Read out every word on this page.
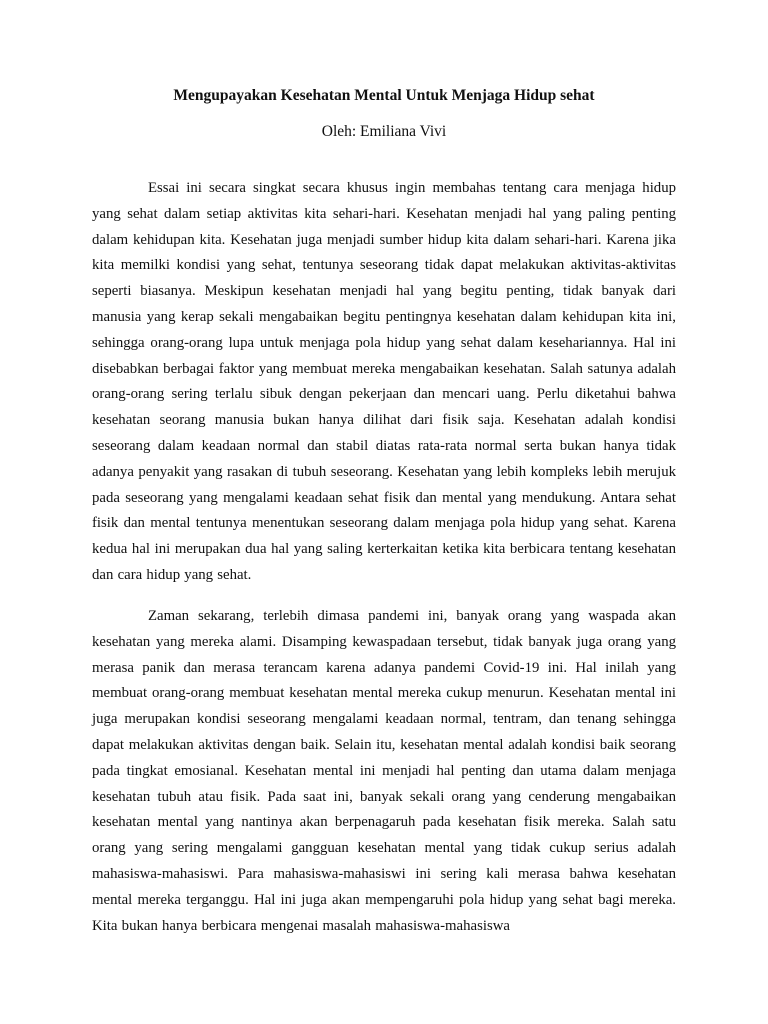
Mengupayakan Kesehatan Mental Untuk Menjaga Hidup sehat

Oleh: Emiliana Vivi

Essai ini secara singkat secara khusus ingin membahas tentang cara menjaga hidup yang sehat dalam setiap aktivitas kita sehari-hari. Kesehatan menjadi hal yang paling penting dalam kehidupan kita. Kesehatan juga menjadi sumber hidup kita dalam sehari-hari. Karena jika kita memilki kondisi yang sehat, tentunya seseorang tidak dapat melakukan aktivitas-aktivitas seperti biasanya. Meskipun kesehatan menjadi hal yang begitu penting, tidak banyak dari manusia yang kerap sekali mengabaikan begitu pentingnya kesehatan dalam kehidupan kita ini, sehingga orang-orang lupa untuk menjaga pola hidup yang sehat dalam kesehariannya. Hal ini disebabkan berbagai faktor yang membuat mereka mengabaikan kesehatan. Salah satunya adalah orang-orang sering terlalu sibuk dengan pekerjaan dan mencari uang. Perlu diketahui bahwa kesehatan seorang manusia bukan hanya dilihat dari fisik saja. Kesehatan adalah kondisi seseorang dalam keadaan normal dan stabil diatas rata-rata normal serta bukan hanya tidak adanya penyakit yang rasakan di tubuh seseorang. Kesehatan yang lebih kompleks lebih merujuk pada seseorang yang mengalami keadaan sehat fisik dan mental yang mendukung. Antara sehat fisik dan mental tentunya menentukan seseorang dalam menjaga pola hidup yang sehat. Karena kedua hal ini merupakan dua hal yang saling kerterkaitan ketika kita berbicara tentang kesehatan dan cara hidup yang sehat.

Zaman sekarang, terlebih dimasa pandemi ini, banyak orang yang waspada akan kesehatan yang mereka alami. Disamping kewaspadaan tersebut, tidak banyak juga orang yang merasa panik dan merasa terancam karena adanya pandemi Covid-19 ini. Hal inilah yang membuat orang-orang membuat kesehatan mental mereka cukup menurun. Kesehatan mental ini juga merupakan kondisi seseorang mengalami keadaan normal, tentram, dan tenang sehingga dapat melakukan aktivitas dengan baik. Selain itu, kesehatan mental adalah kondisi baik seorang pada tingkat emosianal. Kesehatan mental ini menjadi hal penting dan utama dalam menjaga kesehatan tubuh atau fisik. Pada saat ini, banyak sekali orang yang cenderung mengabaikan kesehatan mental yang nantinya akan berpenagaruh pada kesehatan fisik mereka. Salah satu orang yang sering mengalami gangguan kesehatan mental yang tidak cukup serius adalah mahasiswa-mahasiswi. Para mahasiswa-mahasiswi ini sering kali merasa bahwa kesehatan mental mereka terganggu. Hal ini juga akan mempengaruhi pola hidup yang sehat bagi mereka. Kita bukan hanya berbicara mengenai masalah mahasiswa-mahasiswa
